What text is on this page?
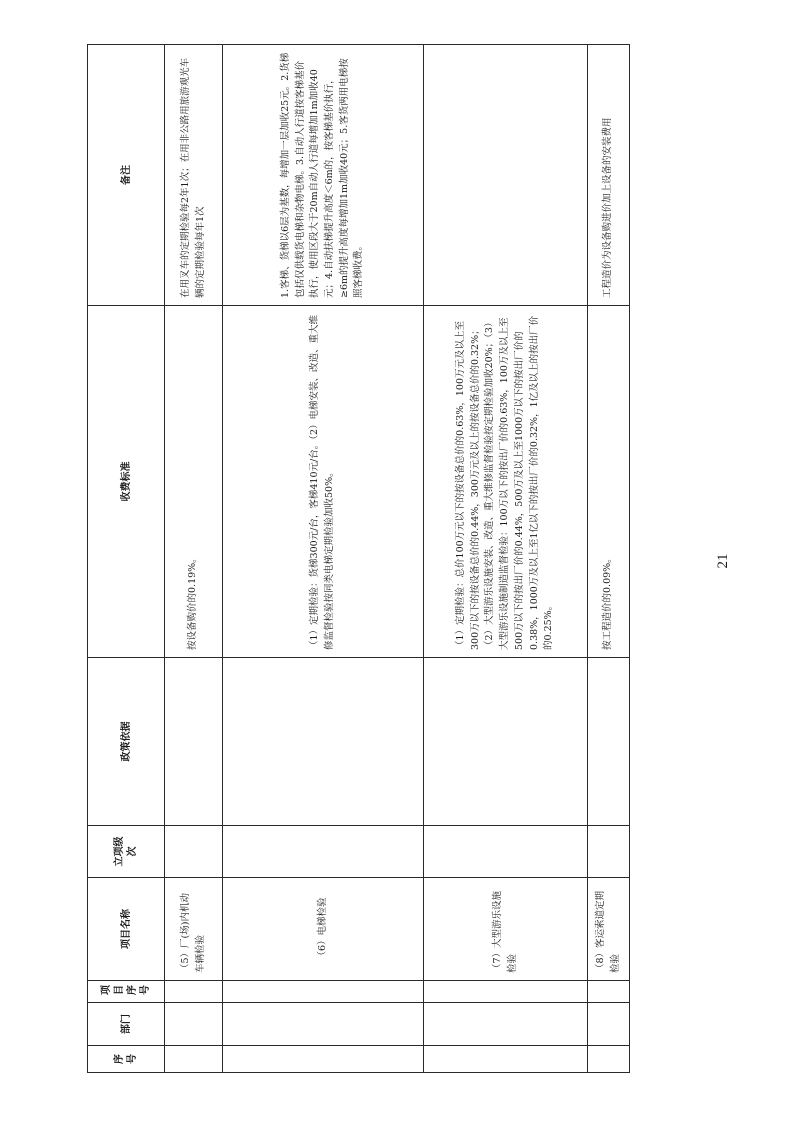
序号	部门	项目序号	项目名称	立项级次	政策依据	收费标准	备注
			（5）厂(场)内机动车辆检验			按设备购价的0.19%。	在用叉车的定期检验每2年1次；在用非公路用旅游观光车辆的定期检验每年1次
			（6）电梯检验			（1）定期检验：货梯300元/台，客梯410元/台。（2）电梯安装、改造、重大维修监督检验按同类电梯定期检验加收50%。	1.客梯、货梯以6层为基数，每增加一层加收25元。2.货梯包括仅供载货电梯和杂物电梯。3.自动人行道按客梯基价执行，使用区段大于20m自动人行道每增加1m加收40元；4.自动扶梯提升高度＜6m的，按客梯基价执行，≥6m的提升高度每增加1m加收40元；5.客货两用电梯按照客梯收费。
			（7）大型游乐设施检验			（1）定期检验：总价100万元以下的按设备总价的0.63%，100万元及以上至300万以下的按设备总价的0.44%，300万元及以上的按设备总价的0.32%；（2）大型游乐设施安装、改造、重大维修监督检验按定期检验加收20%；（3）大型游乐设施制造监督检验：100万以下的按出厂价的0.63%，100万及以上至500万以下的按出厂价的0.44%，500万及以上至1000万以下的按出厂价的0.38%，1000万及以上至1亿以下的按出厂价的0.32%，1亿及以上的按出厂价的0.25%。	
			（8）客运索道定期检验			按工程造价的0.09%。	工程造价为设备购进价加上设备的安装费用
21
